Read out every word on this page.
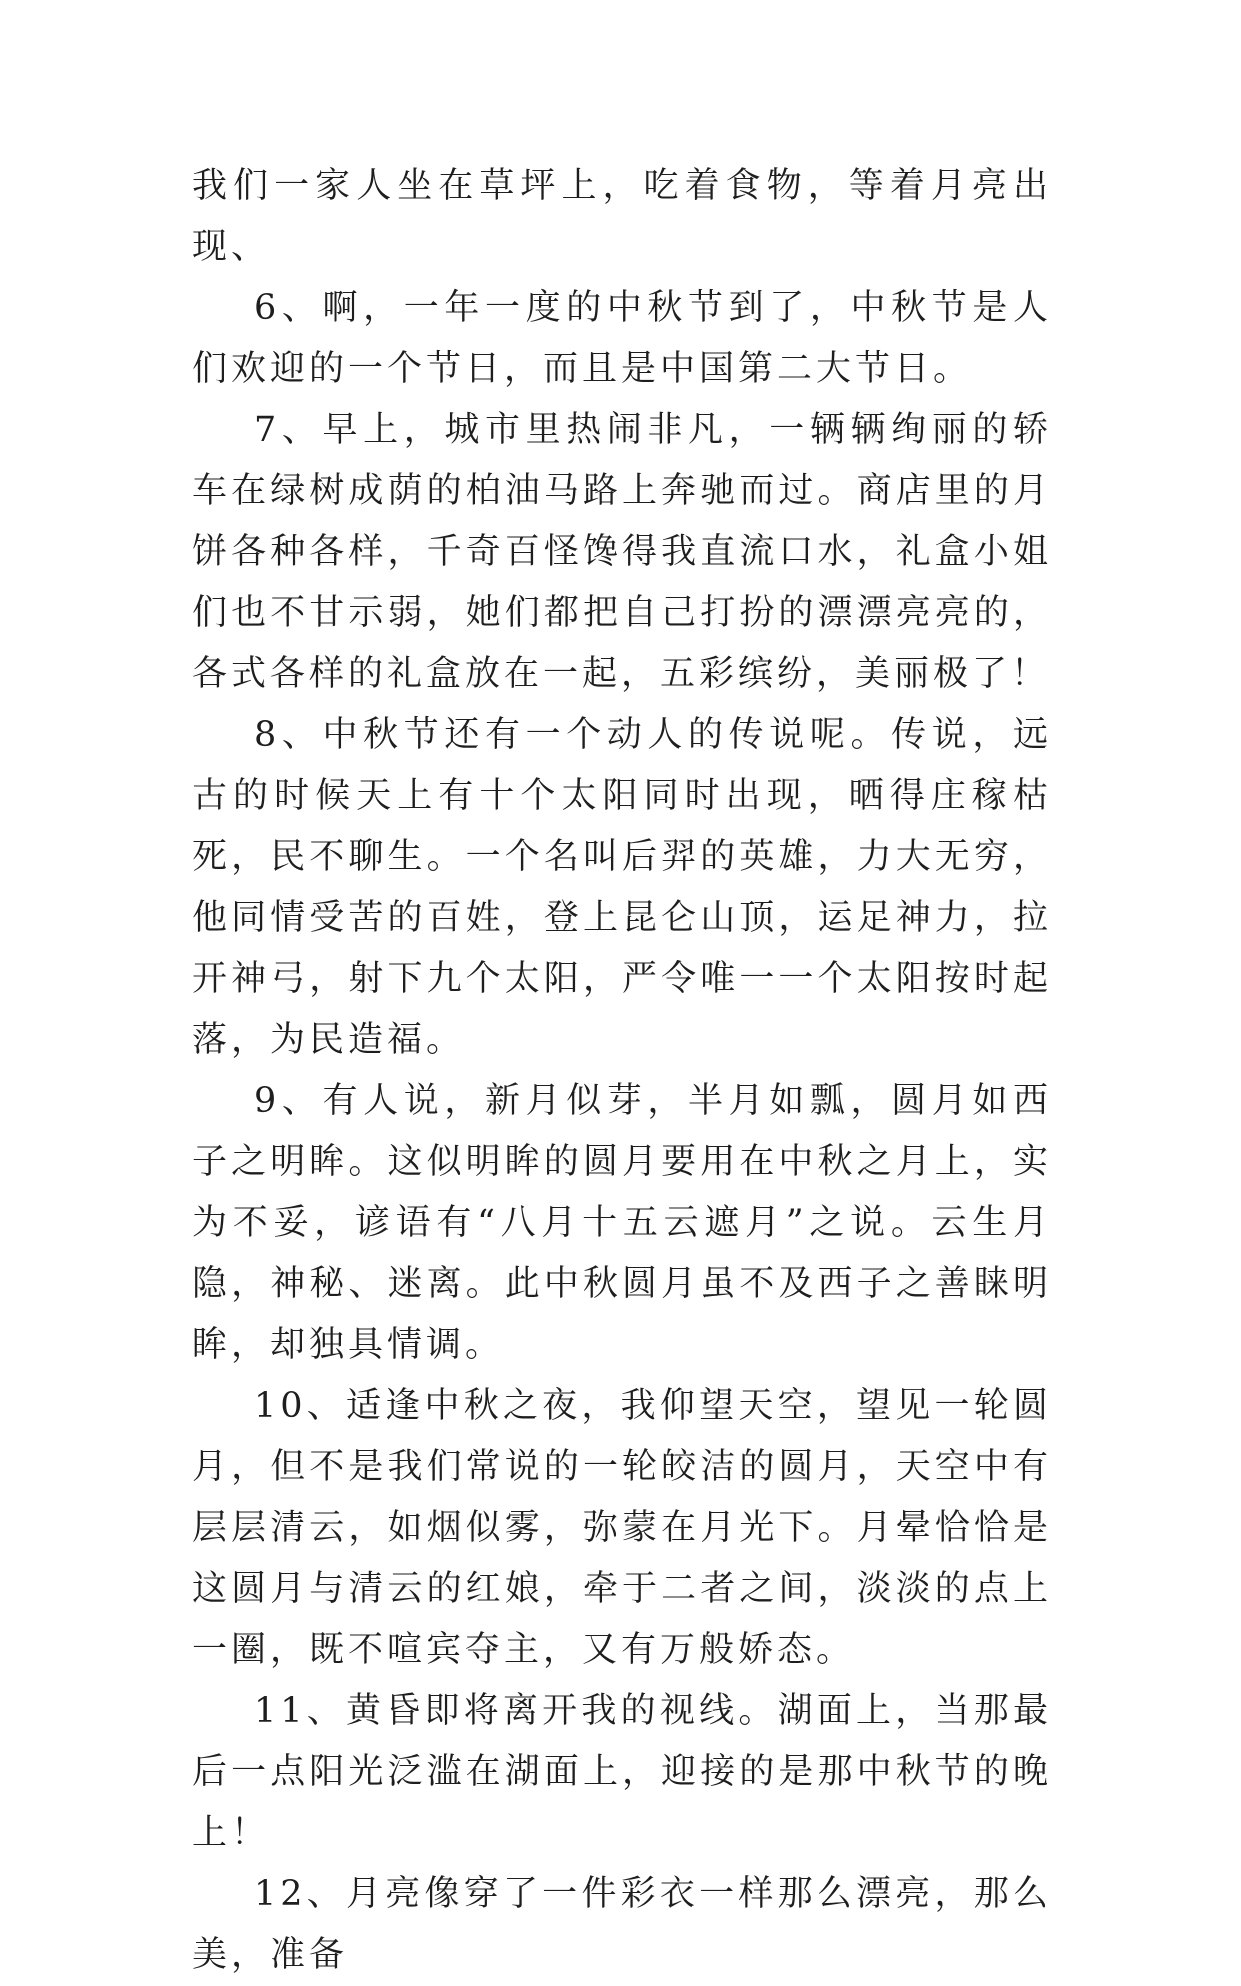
我们一家人坐在草坪上，吃着食物，等着月亮出现、

6、啊，一年一度的中秋节到了，中秋节是人们欢迎的一个节日，而且是中国第二大节日。

7、早上，城市里热闹非凡，一辆辆绚丽的轿车在绿树成荫的柏油马路上奔驰而过。商店里的月饼各种各样，千奇百怪馋得我直流口水，礼盒小姐们也不甘示弱，她们都把自己打扮的漂漂亮亮的，各式各样的礼盒放在一起，五彩缤纷，美丽极了！

8、中秋节还有一个动人的传说呢。传说，远古的时候天上有十个太阳同时出现，晒得庄稼枯死，民不聊生。一个名叫后羿的英雄，力大无穷，他同情受苦的百姓，登上昆仑山顶，运足神力，拉开神弓，射下九个太阳，严令唯一一个太阳按时起落，为民造福。

9、有人说，新月似芽，半月如瓢，圆月如西子之明眸。这似明眸的圆月要用在中秋之月上，实为不妥，谚语有“八月十五云遮月”之说。云生月隐，神秘、迷离。此中秋圆月虽不及西子之善睐明眸，却独具情调。

10、适逢中秋之夜，我仰望天空，望见一轮圆月，但不是我们常说的一轮皎洁的圆月，天空中有层层清云，如烟似雾，弥蒙在月光下。月晕恰恰是这圆月与清云的红娘，牵于二者之间，淡淡的点上一圈，既不喧宾夺主，又有万般娇态。

11、黄昏即将离开我的视线。湖面上，当那最后一点阳光泛滥在湖面上，迎接的是那中秋节的晚上！

12、月亮像穿了一件彩衣一样那么漂亮，那么美，准备
